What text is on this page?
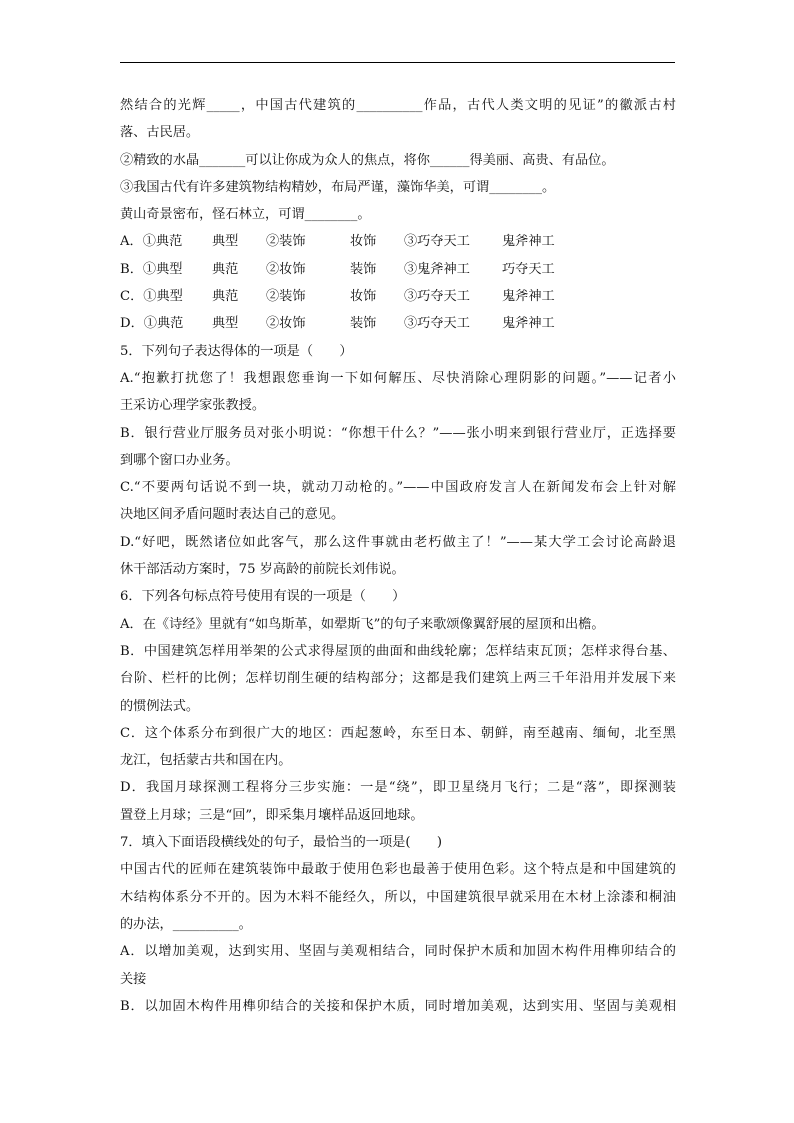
然结合的光辉_____，中国古代建筑的__________作品，古代人类文明的见证”的徽派古村
落、古民居。
②精致的水晶_______可以让你成为众人的焦点，将你______得美丽、高贵、有品位。
③我国古代有许多建筑物结构精妙，布局严谨，藻饰华美，可谓________。
黄山奇景密布，怪石林立，可谓________。
A．①典范	典型	②装饰	妆饰	③巧夺天工	鬼斧神工
B．①典型	典范	②妆饰	装饰	③鬼斧神工	巧夺天工
C．①典型	典范	②装饰	妆饰	③巧夺天工	鬼斧神工
D．①典范	典型	②妆饰	装饰	③巧夺天工	鬼斧神工
5．下列句子表达得体的一项是（　　）
A.“抱歉打扰您了！我想跟您垂询一下如何解压、尽快消除心理阴影的问题。”——记者小
王采访心理学家张教授。
B．银行营业厅服务员对张小明说：“你想干什么？”——张小明来到银行营业厅，正选择要
到哪个窗口办业务。
C.“不要两句话说不到一块，就动刀动枪的。”——中国政府发言人在新闻发布会上针对解
决地区间矛盾问题时表达自己的意见。
D.“好吧，既然诸位如此客气，那么这件事就由老朽做主了！”——某大学工会讨论高龄退
休干部活动方案时，75 岁高龄的前院长刘伟说。
6．下列各句标点符号使用有误的一项是（　　）
A．在《诗经》里就有“如鸟斯革，如翚斯飞”的句子来歌颂像翼舒展的屋顶和出檐。
B．中国建筑怎样用举架的公式求得屋顶的曲面和曲线轮廓；怎样结束瓦顶；怎样求得台基、
台阶、栏杆的比例；怎样切削生硬的结构部分；这都是我们建筑上两三千年沿用并发展下来
的惯例法式。
C．这个体系分布到很广大的地区：西起葱岭，东至日本、朝鲜，南至越南、缅甸，北至黑
龙江，包括蒙古共和国在内。
D．我国月球探测工程将分三步实施：一是“绕”，即卫星绕月飞行；二是“落”，即探测装
置登上月球；三是“回”，即采集月壤样品返回地球。
7．填入下面语段横线处的句子，最恰当的一项是(　　)
中国古代的匠师在建筑装饰中最敢于使用色彩也最善于使用色彩。这个特点是和中国建筑的
木结构体系分不开的。因为木料不能经久，所以，中国建筑很早就采用在木材上涂漆和桐油
的办法，__________。
A．以增加美观，达到实用、坚固与美观相结合，同时保护木质和加固木构件用榫卯结合的
关接
B．以加固木构件用榫卯结合的关接和保护木质，同时增加美观，达到实用、坚固与美观相
